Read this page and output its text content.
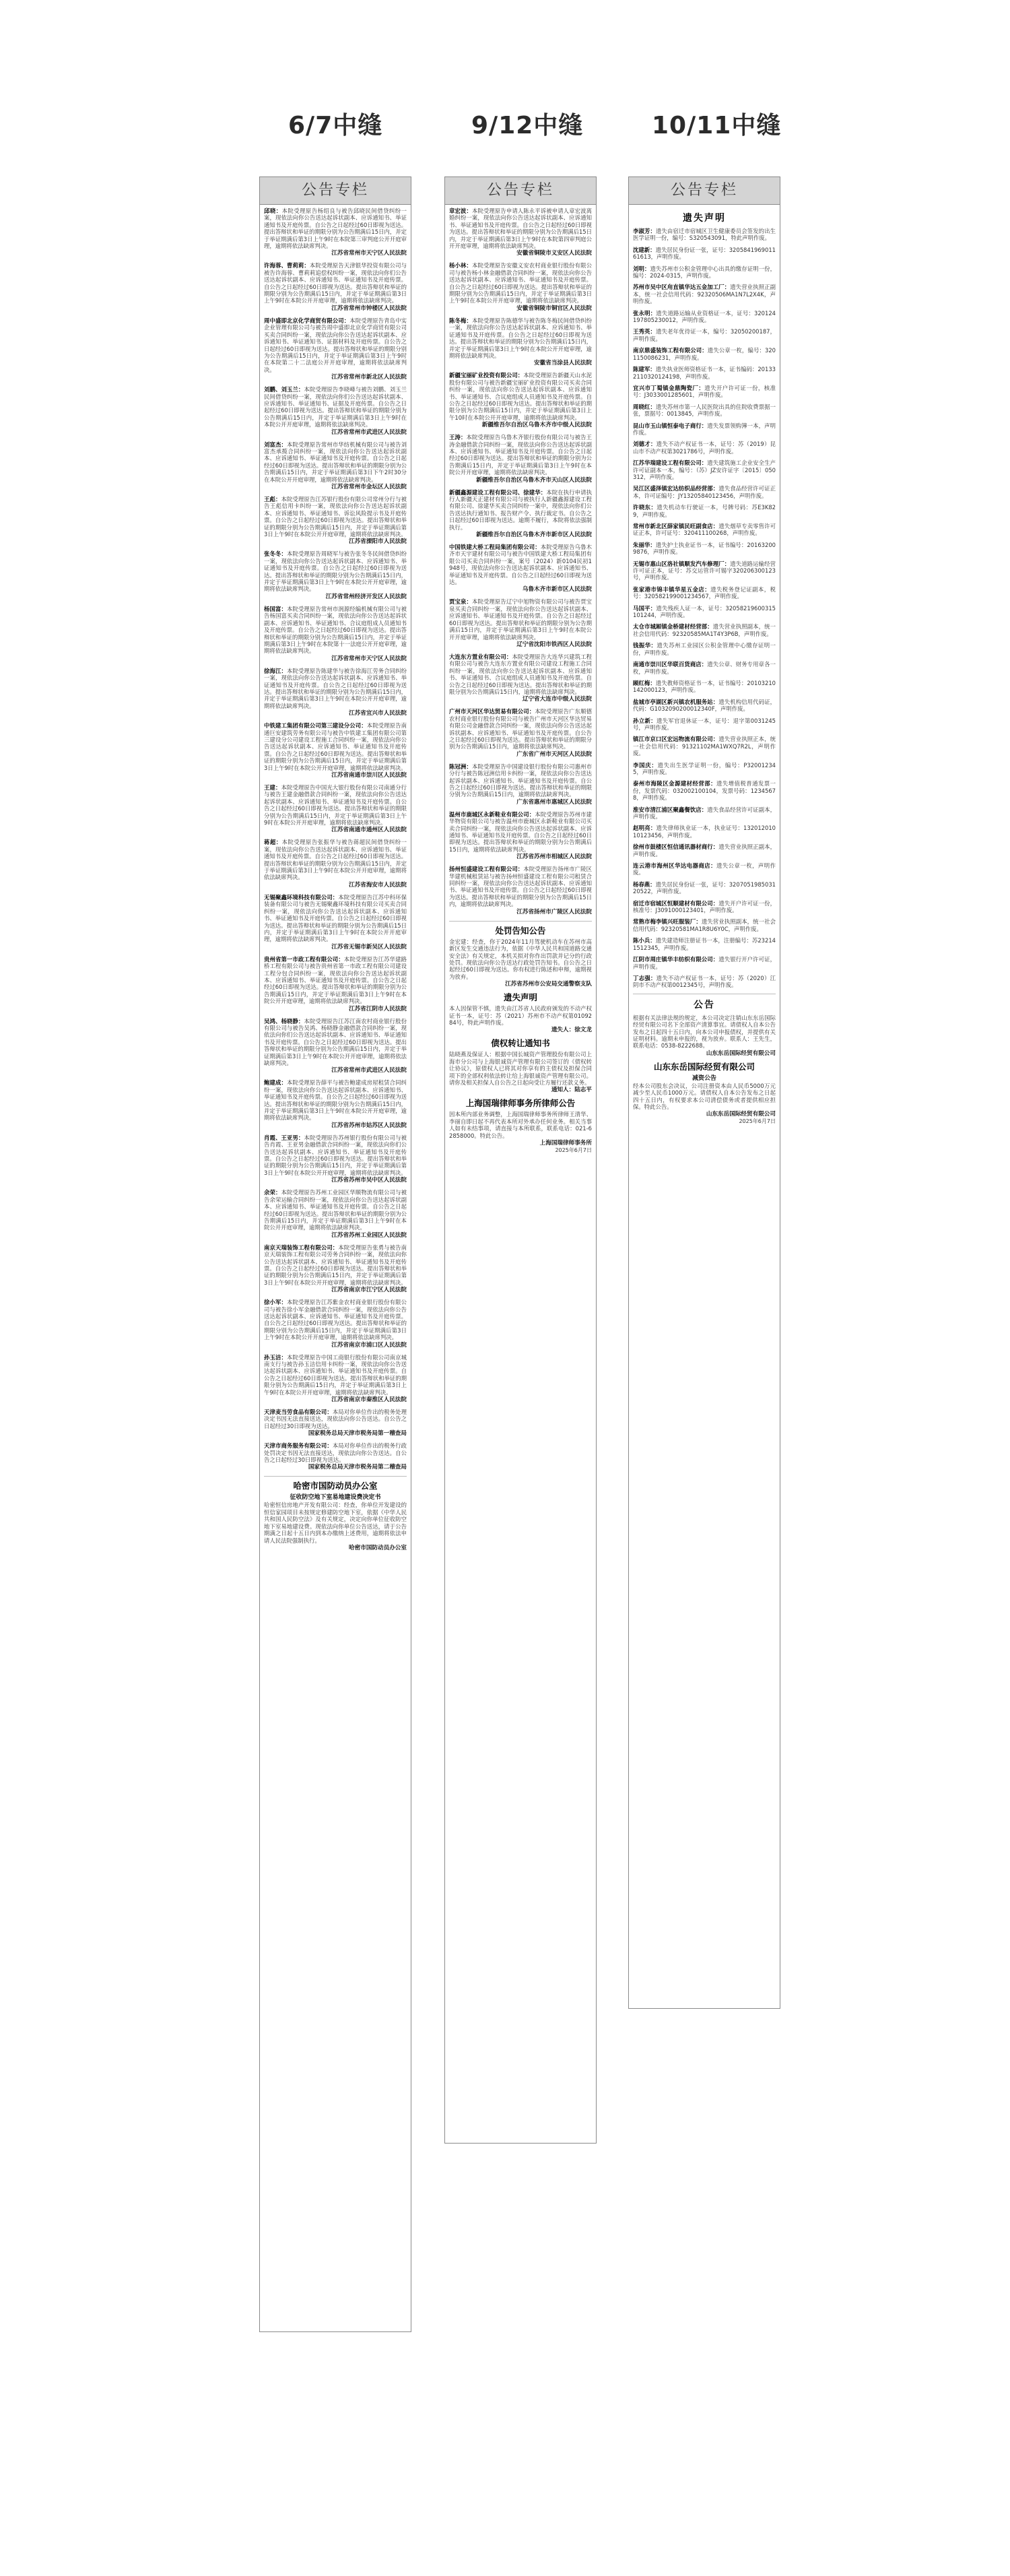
6/7中缝	9/12中缝	10/11中缝
公告专栏

邱晓：本院受理原告杨绍良与被告邱晓民间借贷纠纷一案，现依法向你公告送达起诉状副本、应诉通知书、举证通知书及开庭传票。自公告之日起经过60日即视为送达。提出答辩状和举证的期限分别为公告期满后15日内，并定于举证期满后第3日上午9时在本院第三审判庭公开开庭审理，逾期将依法缺席判决。

江苏省常州市天宁区人民法院

许海蓉、曹莉莉：本院受理原告天津银华投资有限公司与被告许海蓉、曹莉莉追偿权纠纷一案，现依法向你们公告送达起诉状副本、应诉通知书、举证通知书及开庭传票。自公告之日起经过60日即视为送达。提出答辩状和举证的期限分别为公告期满后15日内，并定于举证期满后第3日上午9时在本院公开开庭审理，逾期将依法缺席判决。

江苏省常州市钟楼区人民法院

周中盛即北京化学商贸有限公司：本院受理原告青岛中实企业管理有限公司与被告周中盛即北京化学商贸有限公司买卖合同纠纷一案，现依法向你公告送达起诉状副本、应诉通知书、举证通知书、证据材料及开庭传票。自公告之日起经过60日即视为送达。提出答辩状和举证的期限分别为公告期满后15日内，并定于举证期满后第3日上午9时在本院第二十二法庭公开开庭审理，逾期将依法缺席判决。

江苏省常州市新北区人民法院

刘鹏、刘玉兰：本院受理原告李晓峰与被告刘鹏、刘玉兰民间借贷纠纷一案，现依法向你们公告送达起诉状副本、应诉通知书、举证通知书、证据及开庭传票。自公告之日起经过60日即视为送达。提出答辩状和举证的期限分别为公告期满后15日内，并定于举证期满后第3日上午9时在本院公开开庭审理，逾期将依法缺席判决。

江苏省常州市武进区人民法院

刘富杰：本院受理原告常州市华纺机械有限公司与被告刘富杰承揽合同纠纷一案，现依法向你公告送达起诉状副本、应诉通知书、举证通知书及开庭传票。自公告之日起经过60日即视为送达。提出答辩状和举证的期限分别为公告期满后15日内，并定于举证期满后第3日下午2时30分在本院公开开庭审理，逾期将依法缺席判决。

江苏省常州市金坛区人民法院

王彪：本院受理原告江苏银行股份有限公司常州分行与被告王彪信用卡纠纷一案，现依法向你公告送达起诉状副本、应诉通知书、举证通知书、诉讼风险提示书及开庭传票。自公告之日起经过60日即视为送达。提出答辩状和举证的期限分别为公告期满后15日内，并定于举证期满后第3日上午9时在本院公开开庭审理，逾期将依法缺席判决。

江苏省溧阳市人民法院

张冬冬：本院受理原告周晓军与被告张冬冬民间借贷纠纷一案，现依法向你公告送达起诉状副本、应诉通知书、举证通知书及开庭传票。自公告之日起经过60日即视为送达。提出答辩状和举证的期限分别为公告期满后15日内，并定于举证期满后第3日上午9时在本院公开开庭审理，逾期将依法缺席判决。

江苏省常州经济开发区人民法院

杨国富：本院受理原告常州市润源经编机械有限公司与被告杨国富买卖合同纠纷一案，现依法向你公告送达起诉状副本、应诉通知书、举证通知书、合议庭组成人员通知书及开庭传票。自公告之日起经过60日即视为送达。提出答辩状和举证的期限分别为公告期满后15日内，并定于举证期满后第3日上午9时在本院第十一法庭公开开庭审理，逾期将依法缺席判决。

江苏省常州市天宁区人民法院

徐海江：本院受理原告陈建华与被告徐海江劳务合同纠纷一案，现依法向你公告送达起诉状副本、应诉通知书、举证通知书及开庭传票。自公告之日起经过60日即视为送达。提出答辩状和举证的期限分别为公告期满后15日内，并定于举证期满后第3日上午9时在本院公开开庭审理，逾期将依法缺席判决。

江苏省宜兴市人民法院

中铁建工集团有限公司第三建设分公司：本院受理原告南通巨安建筑劳务有限公司与被告中铁建工集团有限公司第三建设分公司建设工程施工合同纠纷一案，现依法向你公告送达起诉状副本、应诉通知书、举证通知书及开庭传票。自公告之日起经过60日即视为送达。提出答辩状和举证的期限分别为公告期满后15日内，并定于举证期满后第3日上午9时在本院公开开庭审理，逾期将依法缺席判决。

江苏省南通市崇川区人民法院

王建：本院受理原告中国光大银行股份有限公司南通分行与被告王建金融借款合同纠纷一案，现依法向你公告送达起诉状副本、应诉通知书、举证通知书及开庭传票。自公告之日起经过60日即视为送达。提出答辩状和举证的期限分别为公告期满后15日内，并定于举证期满后第3日上午9时在本院公开开庭审理，逾期将依法缺席判决。

江苏省南通市通州区人民法院

蒋超：本院受理原告张振华与被告蒋超民间借贷纠纷一案，现依法向你公告送达起诉状副本、应诉通知书、举证通知书及开庭传票。自公告之日起经过60日即视为送达。提出答辩状和举证的期限分别为公告期满后15日内，并定于举证期满后第3日上午9时在本院公开开庭审理，逾期将依法缺席判决。

江苏省海安市人民法院

无锡聚鑫环境科技有限公司：本院受理原告江苏中科环保装备有限公司与被告无锡聚鑫环境科技有限公司买卖合同纠纷一案，现依法向你公告送达起诉状副本、应诉通知书、举证通知书及开庭传票。自公告之日起经过60日即视为送达。提出答辩状和举证的期限分别为公告期满后15日内，并定于举证期满后第3日上午9时在本院公开开庭审理，逾期将依法缺席判决。

江苏省无锡市新吴区人民法院

贵州省第一市政工程有限公司：本院受理原告江苏华建路桥工程有限公司与被告贵州省第一市政工程有限公司建设工程分包合同纠纷一案，现依法向你公告送达起诉状副本、应诉通知书、举证通知书及开庭传票。自公告之日起经过60日即视为送达。提出答辩状和举证的期限分别为公告期满后15日内，并定于举证期满后第3日上午9时在本院公开开庭审理，逾期将依法缺席判决。

江苏省江阴市人民法院

吴鸿、杨晓静：本院受理原告江苏江南农村商业银行股份有限公司与被告吴鸿、杨晓静金融借款合同纠纷一案，现依法向你们公告送达起诉状副本、应诉通知书、举证通知书及开庭传票。自公告之日起经过60日即视为送达。提出答辩状和举证的期限分别为公告期满后15日内，并定于举证期满后第3日上午9时在本院公开开庭审理，逾期将依法缺席判决。

江苏省常州市武进区人民法院

鲍建成：本院受理原告薛平与被告鲍建成房屋租赁合同纠纷一案，现依法向你公告送达起诉状副本、应诉通知书、举证通知书及开庭传票。自公告之日起经过60日即视为送达。提出答辩状和举证的期限分别为公告期满后15日内，并定于举证期满后第3日上午9时在本院公开开庭审理，逾期将依法缺席判决。

江苏省苏州市姑苏区人民法院

肖霞、王亚男：本院受理原告苏州银行股份有限公司与被告肖霞、王亚男金融借款合同纠纷一案，现依法向你们公告送达起诉状副本、应诉通知书、举证通知书及开庭传票。自公告之日起经过60日即视为送达。提出答辩状和举证的期限分别为公告期满后15日内，并定于举证期满后第3日上午9时在本院公开开庭审理，逾期将依法缺席判决。

江苏省苏州市吴中区人民法院

余荣：本院受理原告苏州工业园区华顺物流有限公司与被告余荣运输合同纠纷一案，现依法向你公告送达起诉状副本、应诉通知书、举证通知书及开庭传票。自公告之日起经过60日即视为送达。提出答辩状和举证的期限分别为公告期满后15日内，并定于举证期满后第3日上午9时在本院公开开庭审理，逾期将依法缺席判决。

江苏省苏州工业园区人民法院

南京天瑞装饰工程有限公司：本院受理原告张勇与被告南京天瑞装饰工程有限公司劳务合同纠纷一案，现依法向你公告送达起诉状副本、应诉通知书、举证通知书及开庭传票。自公告之日起经过60日即视为送达。提出答辩状和举证的期限分别为公告期满后15日内，并定于举证期满后第3日上午9时在本院公开开庭审理，逾期将依法缺席判决。

江苏省南京市江宁区人民法院

徐小军：本院受理原告江苏紫金农村商业银行股份有限公司与被告徐小军金融借款合同纠纷一案，现依法向你公告送达起诉状副本、应诉通知书、举证通知书及开庭传票。自公告之日起经过60日即视为送达。提出答辩状和举证的期限分别为公告期满后15日内，并定于举证期满后第3日上午9时在本院公开开庭审理，逾期将依法缺席判决。

江苏省南京市浦口区人民法院

孙玉洁：本院受理原告中国工商银行股份有限公司南京城南支行与被告孙玉洁信用卡纠纷一案，现依法向你公告送达起诉状副本、应诉通知书、举证通知书及开庭传票。自公告之日起经过60日即视为送达。提出答辩状和举证的期限分别为公告期满后15日内，并定于举证期满后第3日上午9时在本院公开开庭审理，逾期将依法缺席判决。

江苏省南京市秦淮区人民法院

天津麦当劳食品有限公司：本局对你单位作出的税务处理决定书因无法直接送达，现依法向你公告送达。自公告之日起经过30日即视为送达。

国家税务总局天津市税务局第一稽查局

天津市商务服务有限公司：本局对你单位作出的税务行政处罚决定书因无法直接送达，现依法向你公告送达。自公告之日起经过30日即视为送达。

国家税务总局天津市税务局第二稽查局

哈密市国防动员办公室
征收防空地下室易地建设费决定书

哈密恒信房地产开发有限公司：经查，你单位开发建设的恒信家园项目未按规定修建防空地下室，依据《中华人民共和国人民防空法》及有关规定，决定向你单位征收防空地下室易地建设费。现依法向你单位公告送达，请于公告期满之日起十五日内到本办缴纳上述费用，逾期将依法申请人民法院强制执行。

哈密市国防动员办公室

公告专栏

章宏波：本院受理原告申请人陈永平诉被申请人章宏波离婚纠纷一案，现依法向你公告送达起诉状副本、应诉通知书、举证通知书及开庭传票。自公告之日起经过60日即视为送达。提出答辩状和举证的期限分别为公告期满后15日内，并定于举证期满后第3日上午9时在本院第四审判庭公开开庭审理，逾期将依法缺席判决。

安徽省铜陵市义安区人民法院

杨小林：本院受理原告安徽义安农村商业银行股份有限公司与被告杨小林金融借款合同纠纷一案，现依法向你公告送达起诉状副本、应诉通知书、举证通知书及开庭传票。自公告之日起经过60日即视为送达。提出答辩状和举证的期限分别为公告期满后15日内，并定于举证期满后第3日上午9时在本院公开开庭审理，逾期将依法缺席判决。

安徽省铜陵市铜官区人民法院

陈冬梅：本院受理原告陈德华与被告陈冬梅民间借贷纠纷一案，现依法向你公告送达起诉状副本、应诉通知书、举证通知书及开庭传票。自公告之日起经过60日即视为送达。提出答辩状和举证的期限分别为公告期满后15日内，并定于举证期满后第3日上午9时在本院公开开庭审理，逾期将依法缺席判决。

安徽省当涂县人民法院

新疆宝丽矿业投资有限公司：本院受理原告新疆天山水泥股份有限公司与被告新疆宝丽矿业投资有限公司买卖合同纠纷一案，现依法向你公告送达起诉状副本、应诉通知书、举证通知书、合议庭组成人员通知书及开庭传票。自公告之日起经过60日即视为送达。提出答辩状和举证的期限分别为公告期满后15日内，并定于举证期满后第3日上午10时在本院公开开庭审理，逾期将依法缺席判决。

新疆维吾尔自治区乌鲁木齐市中级人民法院

王涛：本院受理原告乌鲁木齐银行股份有限公司与被告王涛金融借款合同纠纷一案，现依法向你公告送达起诉状副本、应诉通知书、举证通知书及开庭传票。自公告之日起经过60日即视为送达。提出答辩状和举证的期限分别为公告期满后15日内，并定于举证期满后第3日上午9时在本院公开开庭审理，逾期将依法缺席判决。

新疆维吾尔自治区乌鲁木齐市天山区人民法院

新疆鑫源建设工程有限公司、徐建华：本院在执行申请执行人新疆天正建材有限公司与被执行人新疆鑫源建设工程有限公司、徐建华买卖合同纠纷一案中，现依法向你们公告送达执行通知书、报告财产令、执行裁定书。自公告之日起经过60日即视为送达。逾期不履行，本院将依法强制执行。

新疆维吾尔自治区乌鲁木齐市新市区人民法院

中国铁建大桥工程局集团有限公司：本院受理原告乌鲁木齐市天宇建材有限公司与被告中国铁建大桥工程局集团有限公司买卖合同纠纷一案，案号（2024）新0104民初1948号，现依法向你公告送达起诉状副本、应诉通知书、举证通知书及开庭传票。自公告之日起经过60日即视为送达。

乌鲁木齐市新市区人民法院

贾宝泉：本院受理原告辽宁中旭物资有限公司与被告贾宝泉买卖合同纠纷一案，现依法向你公告送达起诉状副本、应诉通知书、举证通知书及开庭传票。自公告之日起经过60日即视为送达。提出答辩状和举证的期限分别为公告期满后15日内，并定于举证期满后第3日上午9时在本院公开开庭审理，逾期将依法缺席判决。

辽宁省沈阳市铁西区人民法院

大连东方置业有限公司：本院受理原告大连华兴建筑工程有限公司与被告大连东方置业有限公司建设工程施工合同纠纷一案，现依法向你公告送达起诉状副本、应诉通知书、举证通知书、合议庭组成人员通知书及开庭传票。自公告之日起经过60日即视为送达。提出答辩状和举证的期限分别为公告期满后15日内，逾期将依法缺席判决。

辽宁省大连市中级人民法院

广州市天河区华达贸易有限公司：本院受理原告广东顺德农村商业银行股份有限公司与被告广州市天河区华达贸易有限公司金融借款合同纠纷一案，现依法向你公告送达起诉状副本、应诉通知书、举证通知书及开庭传票。自公告之日起经过60日即视为送达。提出答辩状和举证的期限分别为公告期满后15日内，逾期将依法缺席判决。

广东省广州市天河区人民法院

陈冠洲：本院受理原告中国建设银行股份有限公司惠州市分行与被告陈冠洲信用卡纠纷一案，现依法向你公告送达起诉状副本、应诉通知书、举证通知书及开庭传票。自公告之日起经过60日即视为送达。提出答辩状和举证的期限分别为公告期满后15日内，逾期将依法缺席判决。

广东省惠州市惠城区人民法院

温州市鹿城区永新鞋业有限公司：本院受理原告苏州市建华物资有限公司与被告温州市鹿城区永新鞋业有限公司买卖合同纠纷一案，现依法向你公告送达起诉状副本、应诉通知书、举证通知书及开庭传票。自公告之日起经过60日即视为送达。提出答辩状和举证的期限分别为公告期满后15日内，逾期将依法缺席判决。

江苏省苏州市相城区人民法院

扬州恒盛建设工程有限公司：本院受理原告扬州市广陵区华建机械租赁站与被告扬州恒盛建设工程有限公司租赁合同纠纷一案，现依法向你公告送达起诉状副本、应诉通知书、举证通知书及开庭传票。自公告之日起经过60日即视为送达。提出答辩状和举证的期限分别为公告期满后15日内，逾期将依法缺席判决。

江苏省扬州市广陵区人民法院

处罚告知公告

金宏建：经查，你于2024年11月驾驶机动车在苏州市高新区发生交通违法行为，依据《中华人民共和国道路交通安全法》有关规定，本机关拟对你作出罚款并记分的行政处罚。现依法向你公告送达行政处罚告知书。自公告之日起经过60日即视为送达。你有权进行陈述和申辩，逾期视为放弃。

江苏省苏州市公安局交通警察支队

遗失声明

本人因保管不慎，遗失由江苏省人民政府颁发的不动产权证书一本，证号：苏（2021）苏州市不动产权第0109284号，特此声明作废。

遗失人：徐文龙

债权转让通知书

陆晓燕及保证人：根据中国长城资产管理股份有限公司上海市分公司与上海银诚资产管理有限公司签订的《债权转让协议》，原债权人已将其对你享有的主债权及担保合同项下的全部权利依法转让给上海银诚资产管理有限公司。请你及相关担保人自公告之日起向受让方履行还款义务。

通知人：陆志平

上海国瑞律师事务所律师公告

因本所内部业务调整，上海国瑞律师事务所律师王清华、李丽自即日起不再代表本所对外承办任何业务。相关当事人如有未结事项，请直接与本所联系，联系电话：021-62858000。特此公告。

上海国瑞律师事务所

2025年6月7日

公告专栏
遗失声明

李淑芳：遗失由宿迁市宿城区卫生健康委员会签发的出生医学证明一份，编号：S320543091，特此声明作废。

沈建新：遗失居民身份证一张，证号：320584196901161613，声明作废。

刘明：遗失苏州市公积金管理中心出具的缴存证明一份，编号：2024-0315，声明作废。

苏州市吴中区甪直镇华达五金加工厂：遗失营业执照正副本，统一社会信用代码：92320506MA1N7L2X4K，声明作废。

张永明：遗失道路运输从业资格证一本，证号：320124197805230012，声明作废。

王秀英：遗失老年优待证一本，编号：32050200187，声明作废。

南京鼎盛装饰工程有限公司：遗失公章一枚，编号：3201150086231，声明作废。

陈建军：遗失执业医师资格证书一本，证书编码：201332110320124198，声明作废。

宜兴市丁蜀镇金鼎陶瓷厂：遗失开户许可证一份，核准号：J3033001285601，声明作废。

周晓红：遗失苏州市第一人民医院出具的住院收费票据一张，票据号：0013845，声明作废。

昆山市玉山镇恒泰电子商行：遗失发票领购簿一本，声明作废。

刘德才：遗失不动产权证书一本，证号：苏（2019）昆山市不动产权第3021786号，声明作废。

江苏华瑞建设工程有限公司：遗失建筑施工企业安全生产许可证副本一本，编号：（苏）JZ安许证字〔2015〕050312，声明作废。

吴江区盛泽镇宏达纺织品经营部：遗失食品经营许可证正本，许可证编号：JY13205840123456，声明作废。

许晓东：遗失机动车行驶证一本，号牌号码：苏E3K829，声明作废。

常州市新北区薛家镇民旺副食店：遗失烟草专卖零售许可证正本，许可证号：320411100268，声明作废。

朱丽华：遗失护士执业证书一本，证书编号：201632009876，声明作废。

无锡市惠山区洛社镇顺发汽车修理厂：遗失道路运输经营许可证正本，证号：苏交运管许可锡字320206300123号，声明作废。

张家港市锦丰镇华星五金店：遗失税务登记证副本，税号：320582199001234567，声明作废。

马国平：遗失残疾人证一本，证号：32058219600315101244，声明作废。

太仓市城厢镇金桥建材经营部：遗失营业执照副本，统一社会信用代码：92320585MA1T4Y3P6B，声明作废。

钱振华：遗失苏州工业园区公积金管理中心缴存证明一份，声明作废。

南通市崇川区华联百货商店：遗失公章、财务专用章各一枚，声明作废。

顾红梅：遗失教师资格证书一本，证书编号：20103210142000123，声明作废。

盐城市亭湖区新兴镇农机服务站：遗失机构信用代码证，代码：G1032090200012340F，声明作废。

孙立新：遗失军官退休证一本，证号：退字第0031245号，声明作废。

镇江市京口区宏远物流有限公司：遗失营业执照正本，统一社会信用代码：91321102MA1WXQ7R2L，声明作废。

李国庆：遗失出生医学证明一份，编号：P320012345，声明作废。

泰州市海陵区金源建材经营部：遗失增值税普通发票一份，发票代码：032002100104，发票号码：12345678，声明作废。

淮安市清江浦区聚鑫餐饮店：遗失食品经营许可证副本，声明作废。

赵明亮：遗失律师执业证一本，执业证号：13201201010123456，声明作废。

徐州市鼓楼区恒信通讯器材商行：遗失营业执照正副本，声明作废。

连云港市海州区华达电器商店：遗失公章一枚，声明作废。

杨春燕：遗失居民身份证一张，证号：320705198503120522，声明作废。

宿迁市宿城区恒顺建材有限公司：遗失开户许可证一份，核准号：J3091000123401，声明作废。

常熟市梅李镇兴旺服装厂：遗失营业执照副本，统一社会信用代码：92320581MA1R8U6Y0C，声明作废。

陈小兵：遗失建造师注册证书一本，注册编号：苏232141512345，声明作废。

江阴市周庄镇华丰纺织有限公司：遗失银行开户许可证，声明作废。

丁志强：遗失不动产权证书一本，证号：苏（2020）江阴市不动产权第0012345号，声明作废。

公告

根据有关法律法规的规定，本公司决定注销山东东岳国际经贸有限公司名下全部资产清算事宜。请债权人自本公告发布之日起四十五日内，向本公司申报债权，并提供有关证明材料。逾期未申报的，视为放弃。联系人：王先生，联系电话：0538-8222688。

山东东岳国际经贸有限公司

山东东岳国际经贸有限公司
减资公告

经本公司股东会决议，公司注册资本由人民币5000万元减少至人民币1000万元。请债权人自本公告发布之日起四十五日内，有权要求本公司清偿债务或者提供相应担保。特此公告。

山东东岳国际经贸有限公司

2025年6月7日
